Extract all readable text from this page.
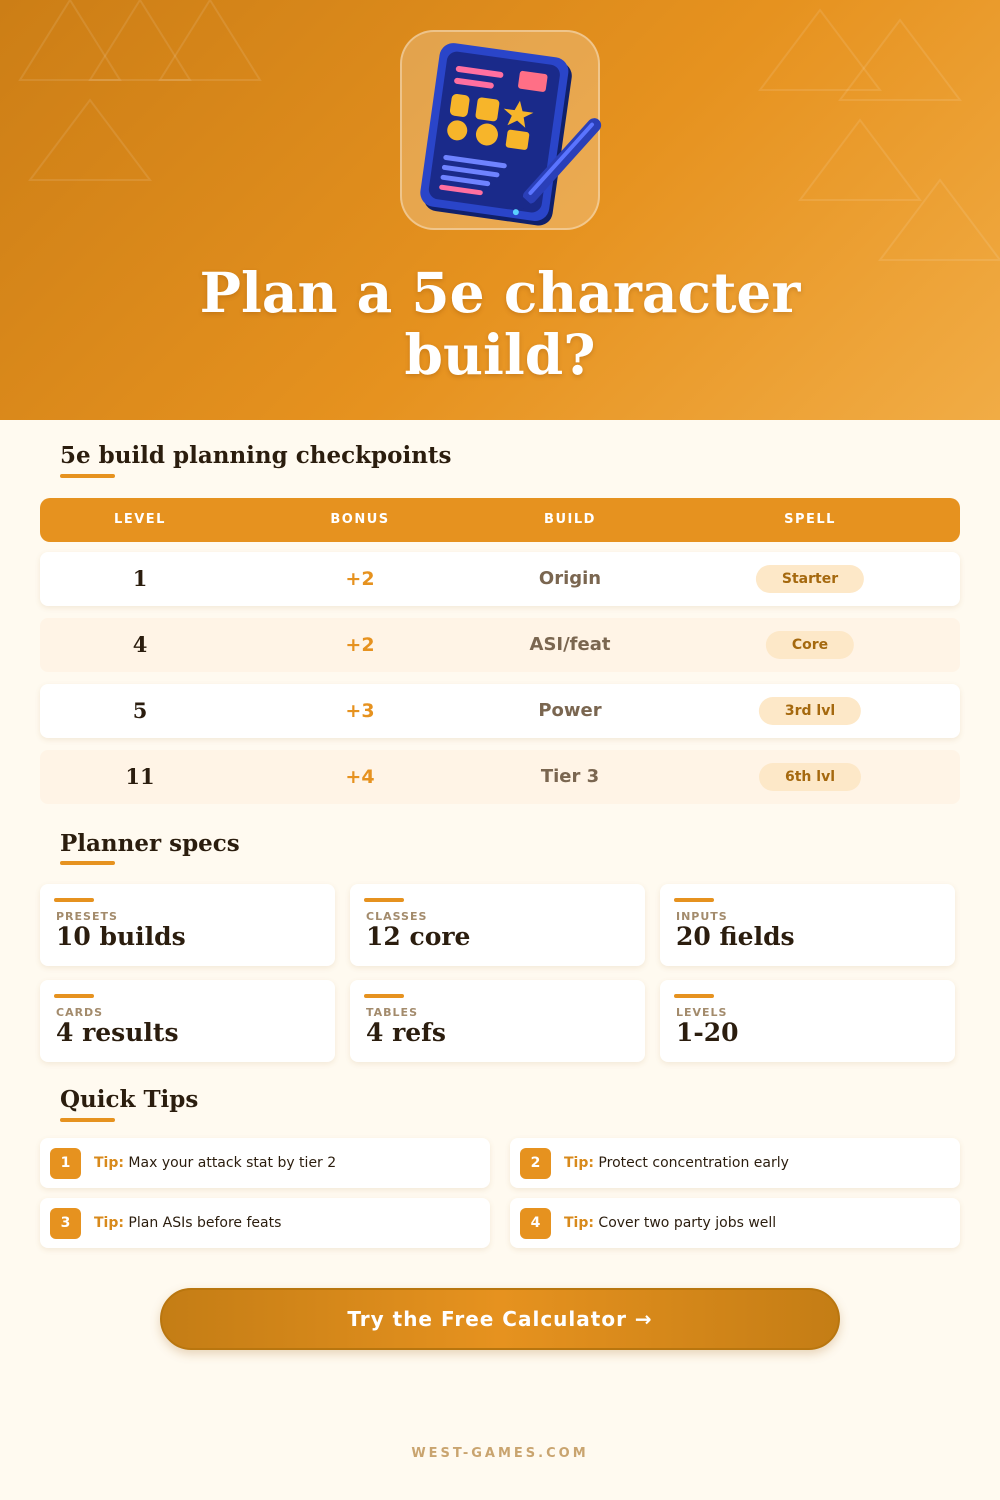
Plan a 5e character build?
5e build planning checkpoints
LEVEL	BONUS	BUILD	SPELL
1	+2	Origin	Starter
4	+2	ASI/feat	Core
5	+3	Power	3rd lvl
11	+4	Tier 3	6th lvl
Planner specs
PRESETS
10 builds
CLASSES
12 core
INPUTS
20 fields
CARDS
4 results
TABLES
4 refs
LEVELS
1-20
Quick Tips
1	Tip: Max your attack stat by tier 2	2	Tip: Protect concentration early
3	Tip: Plan ASIs before feats	4	Tip: Cover two party jobs well
Try the Free Calculator →
WEST-GAMES.COM
